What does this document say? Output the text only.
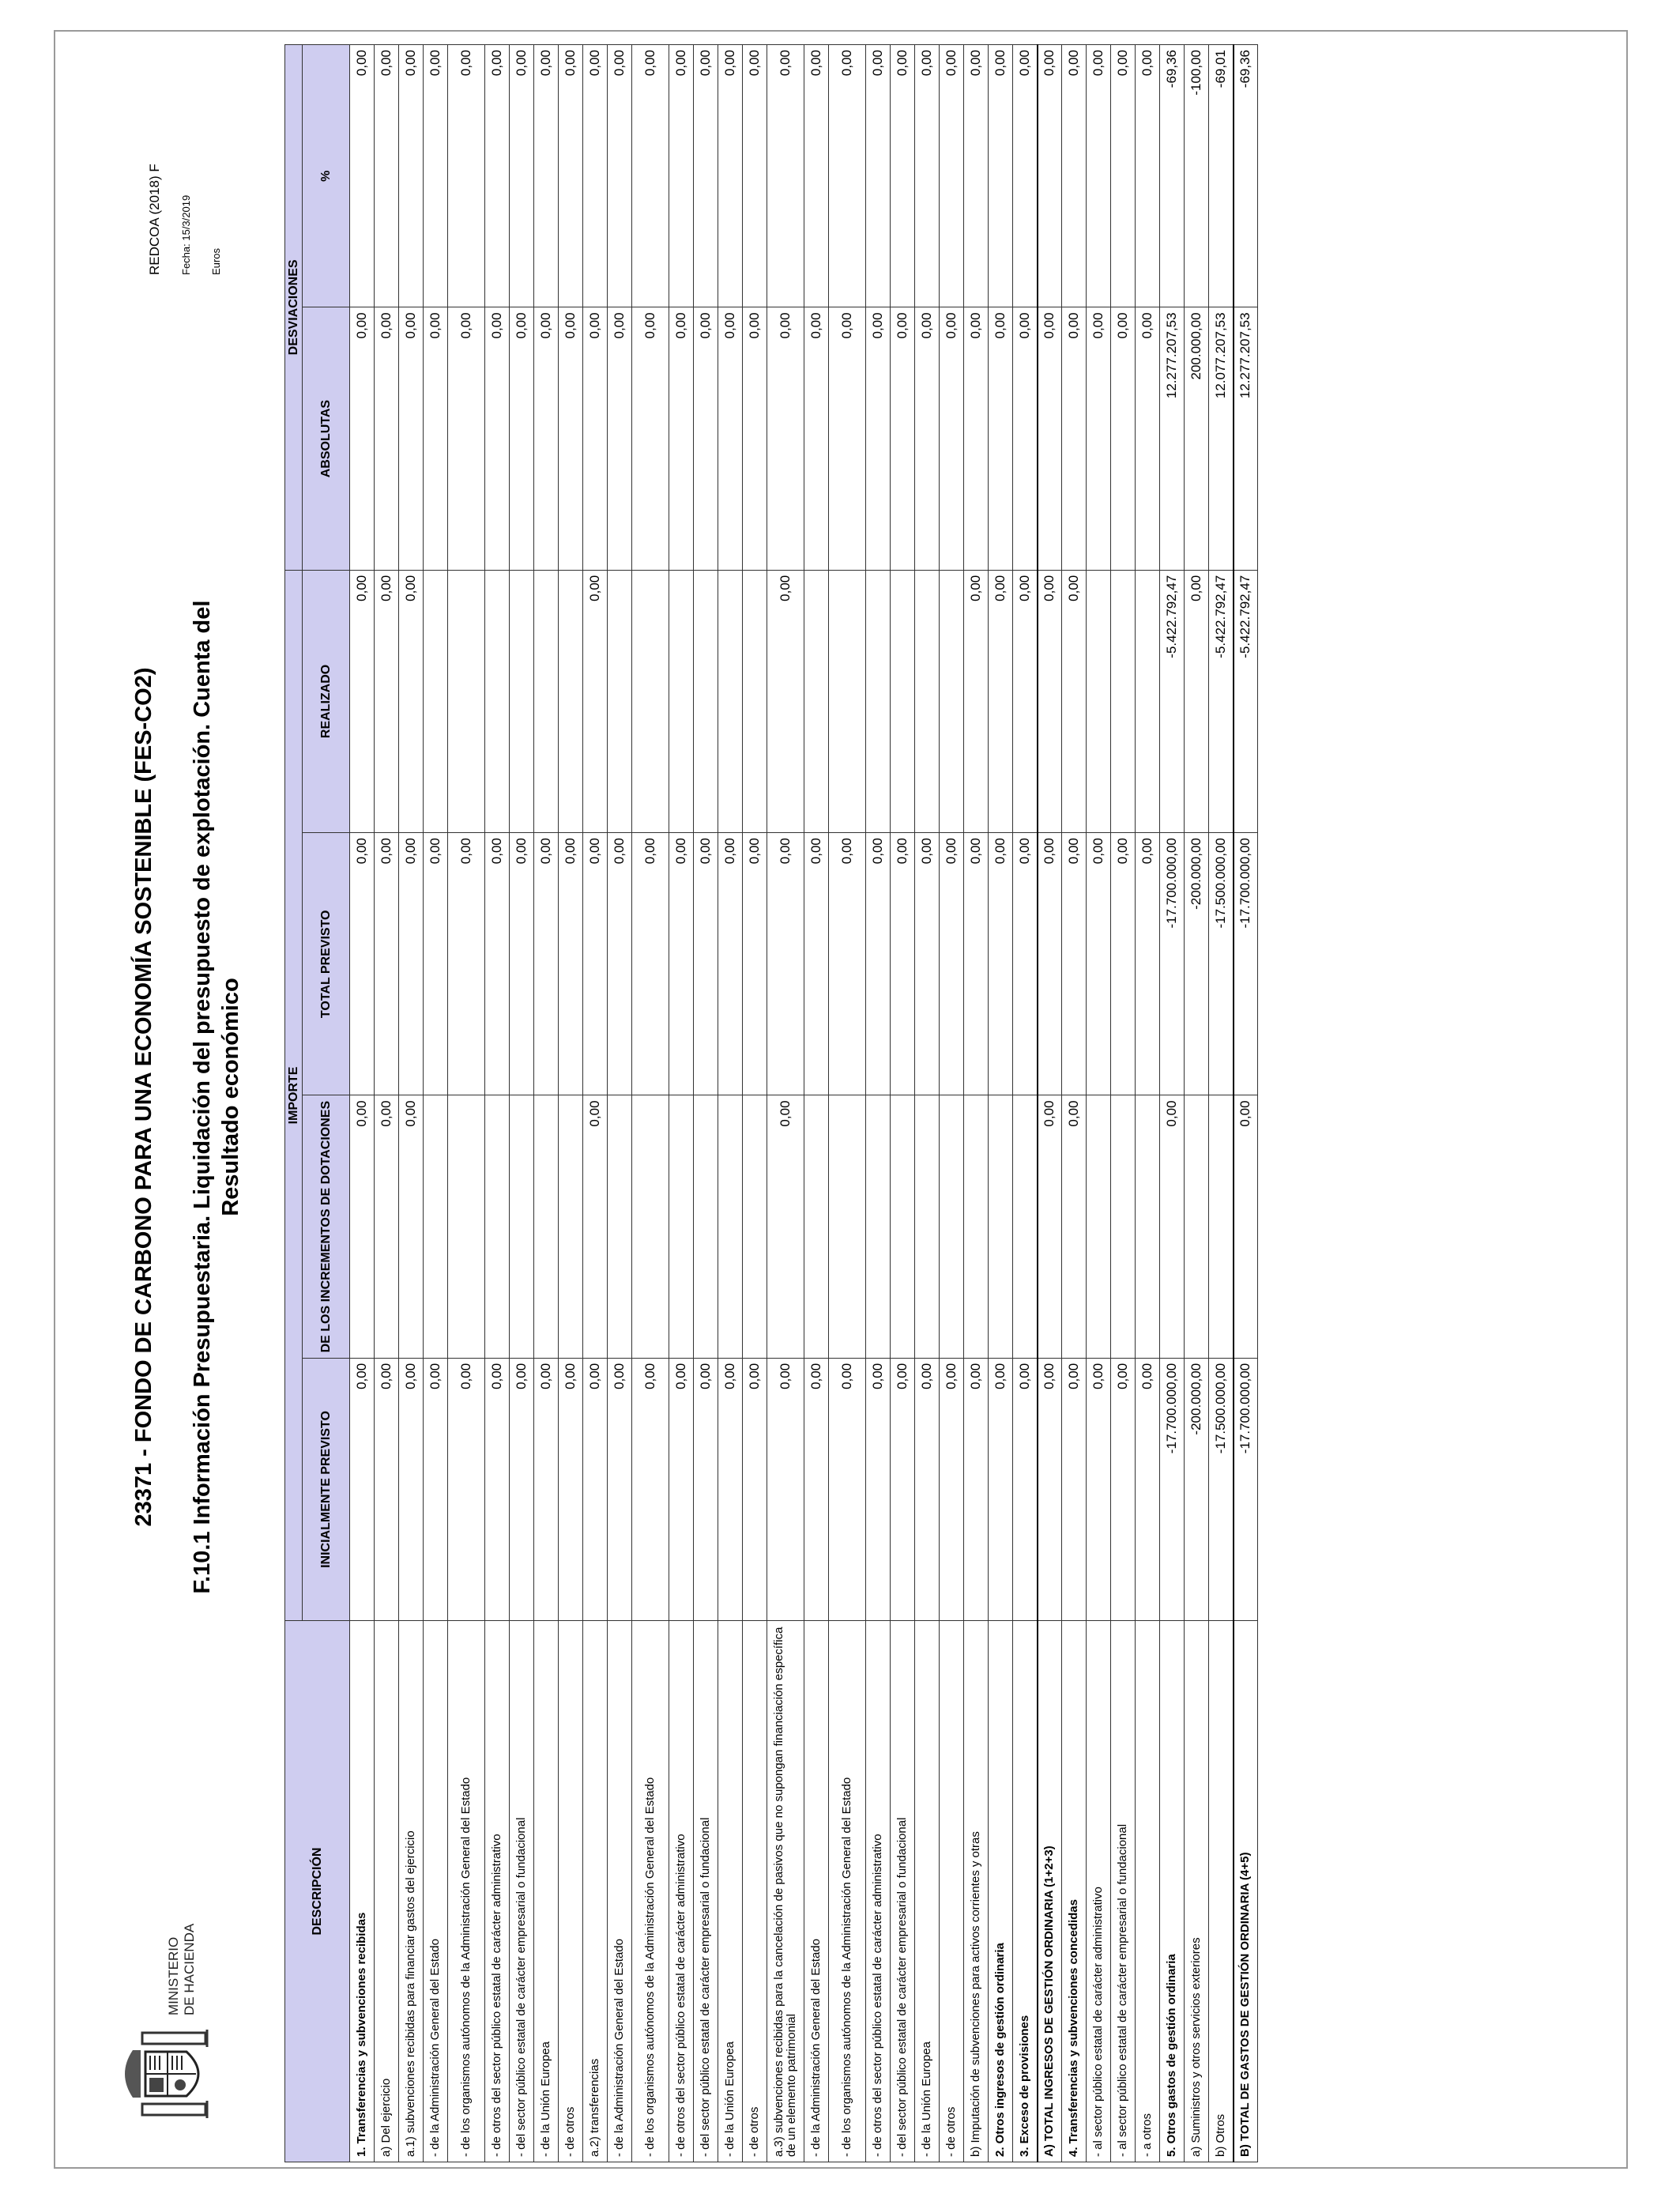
MINISTERIO DE HACIENDA
23371 - FONDO DE CARBONO PARA UNA ECONOMÍA SOSTENIBLE (FES-CO2) F.10.1 Información Presupuestaria. Liquidación del presupuesto de explotación. Cuenta del Resultado económico
REDCOA (2018) F Fecha: 15/3/2019 Euros
DESCRIPCIÓN	IMPORTE				DESVIACIONES	
	INICIALMENTE PREVISTO	DE LOS INCREMENTOS DE DOTACIONES	TOTAL PREVISTO	REALIZADO	ABSOLUTAS	%
1. Transferencias y subvenciones recibidas	0,00	0,00	0,00	0,00	0,00	0,00
a) Del ejercicio	0,00	0,00	0,00	0,00	0,00	0,00
a.1) subvenciones recibidas para financiar gastos del ejercicio	0,00	0,00	0,00	0,00	0,00	0,00
- de la Administración General del Estado	0,00		0,00		0,00	0,00
- de los organismos autónomos de la Administración General del Estado	0,00		0,00		0,00	0,00
- de otros del sector público estatal de carácter administrativo	0,00		0,00		0,00	0,00
- del sector público estatal de carácter empresarial o fundacional	0,00		0,00		0,00	0,00
- de la Unión Europea	0,00		0,00		0,00	0,00
- de otros	0,00		0,00		0,00	0,00
a.2) transferencias	0,00	0,00	0,00	0,00	0,00	0,00
- de la Administración General del Estado	0,00		0,00		0,00	0,00
- de los organismos autónomos de la Administración General del Estado	0,00		0,00		0,00	0,00
- de otros del sector público estatal de carácter administrativo	0,00		0,00		0,00	0,00
- del sector público estatal de carácter empresarial o fundacional	0,00		0,00		0,00	0,00
- de la Unión Europea	0,00		0,00		0,00	0,00
- de otros	0,00		0,00		0,00	0,00
a.3) subvenciones recibidas para la cancelación de pasivos que no supongan financiación específica de un elemento patrimonial	0,00	0,00	0,00	0,00	0,00	0,00
- de la Administración General del Estado	0,00		0,00		0,00	0,00
- de los organismos autónomos de la Administración General del Estado	0,00		0,00		0,00	0,00
- de otros del sector público estatal de carácter administrativo	0,00		0,00		0,00	0,00
- del sector público estatal de carácter empresarial o fundacional	0,00		0,00		0,00	0,00
- de la Unión Europea	0,00		0,00		0,00	0,00
- de otros	0,00		0,00		0,00	0,00
b) Imputación de subvenciones para activos corrientes y otras	0,00		0,00	0,00	0,00	0,00
2. Otros ingresos de gestión ordinaria	0,00		0,00	0,00	0,00	0,00
3. Exceso de provisiones	0,00		0,00	0,00	0,00	0,00
A) TOTAL INGRESOS DE GESTIÓN ORDINARIA (1+2+3)	0,00	0,00	0,00	0,00	0,00	0,00
4. Transferencias y subvenciones concedidas	0,00	0,00	0,00	0,00	0,00	0,00
- al sector público estatal de carácter administrativo	0,00		0,00		0,00	0,00
- al sector público estatal de carácter empresarial o fundacional	0,00		0,00		0,00	0,00
- a otros	0,00		0,00		0,00	0,00
5. Otros gastos de gestión ordinaria	-17.700.000,00	0,00	-17.700.000,00	-5.422.792,47	12.277.207,53	-69,36
a) Suministros y otros servicios exteriores	-200.000,00		-200.000,00	0,00	200.000,00	-100,00
b) Otros	-17.500.000,00		-17.500.000,00	-5.422.792,47	12.077.207,53	-69,01
B) TOTAL DE GASTOS DE GESTIÓN ORDINARIA (4+5)	-17.700.000,00	0,00	-17.700.000,00	-5.422.792,47	12.277.207,53	-69,36
